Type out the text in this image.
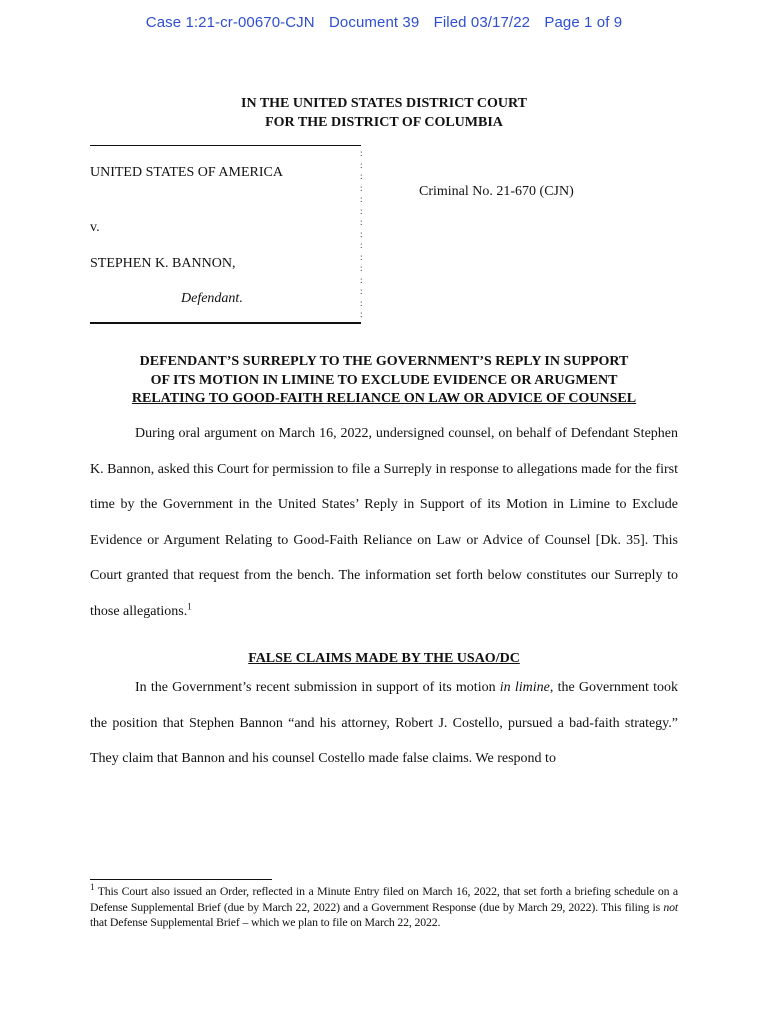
Case 1:21-cr-00670-CJN Document 39 Filed 03/17/22 Page 1 of 9
IN THE UNITED STATES DISTRICT COURT
FOR THE DISTRICT OF COLUMBIA
:
:
:
:
:
:
:
:
:
:
:
:
:
:
:
UNITED STATES OF AMERICA
Criminal No. 21-670 (CJN)
v.
STEPHEN K. BANNON,
Defendant.
DEFENDANT’S SURREPLY TO THE GOVERNMENT’S REPLY IN SUPPORT
OF ITS MOTION IN LIMINE TO EXCLUDE EVIDENCE OR ARUGMENT
RELATING TO GOOD-FAITH RELIANCE ON LAW OR ADVICE OF COUNSEL

During oral argument on March 16, 2022, undersigned counsel, on behalf of Defendant Stephen K. Bannon, asked this Court for permission to file a Surreply in response to allegations made for the first time by the Government in the United States’ Reply in Support of its Motion in Limine to Exclude Evidence or Argument Relating to Good-Faith Reliance on Law or Advice of Counsel [Dk. 35]. This Court granted that request from the bench. The information set forth below constitutes our Surreply to those allegations.$^1$

FALSE CLAIMS MADE BY THE USAO/DC

In the Government’s recent submission in support of its motion in limine, the Government took the position that Stephen Bannon “and his attorney, Robert J. Costello, pursued a bad-faith strategy.” They claim that Bannon and his counsel Costello made false claims. We respond to

$^1$ This Court also issued an Order, reflected in a Minute Entry filed on March 16, 2022, that set forth a briefing schedule on a Defense Supplemental Brief (due by March 22, 2022) and a Government Response (due by March 29, 2022). This filing is not that Defense Supplemental Brief – which we plan to file on March 22, 2022.
